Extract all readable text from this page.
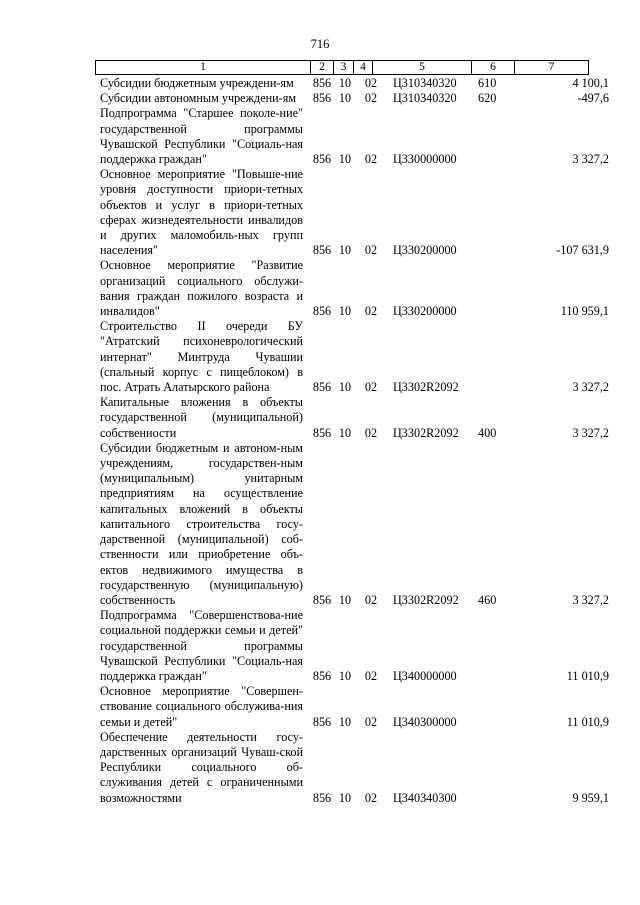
716
1	2	3	4	5	6	7
Субсидии бюджетным учреждени-ям	856 10 02 Ц310340320 610	4 100,1
Субсидии автономным учреждени-ям	856 10 02 Ц310340320 620	-497,6
Подпрограмма "Старшее поколе-ние" государственной программы Чувашской Республики "Социаль-ная поддержка граждан"	856 10 02 Ц330000000	3 327,2
Основное мероприятие "Повыше-ние уровня доступности приори-тетных объектов и услуг в приори-тетных сферах жизнедеятельности инвалидов и других маломобиль-ных групп населения"	856 10 02 Ц330200000	-107 631,9
Основное мероприятие "Развитие организаций социального обслужи-вания граждан пожилого возраста и инвалидов"	856 10 02 Ц330200000	110 959,1
Строительство II очереди БУ "Атратский психоневрологический интернат" Минтруда Чувашии (спальный корпус с пищеблоком) в пос. Атрать Алатырского района	856 10 02 Ц3302R2092	3 327,2
Капитальные вложения в объекты государственной (муниципальной) собственности	856 10 02 Ц3302R2092 400	3 327,2
Субсидии бюджетным и автоном-ным учреждениям, государствен-ным (муниципальным) унитарным предприятиям на осуществление капитальных вложений в объекты капитального строительства госу-дарственной (муниципальной) соб-ственности или приобретение объ-ектов недвижимого имущества в государственную (муниципальную) собственность	856 10 02 Ц3302R2092 460	3 327,2
Подпрограмма "Совершенствова-ние социальной поддержки семьи и детей" государственной программы Чувашской Республики "Социаль-ная поддержка граждан"	856 10 02 Ц340000000	11 010,9
Основное мероприятие "Совершен-ствование социального обслужива-ния семьи и детей"	856 10 02 Ц340300000	11 010,9
Обеспечение деятельности госу-дарственных организаций Чуваш-ской Республики социального об-служивания детей с ограниченными возможностями	856 10 02 Ц340340300	9 959,1
